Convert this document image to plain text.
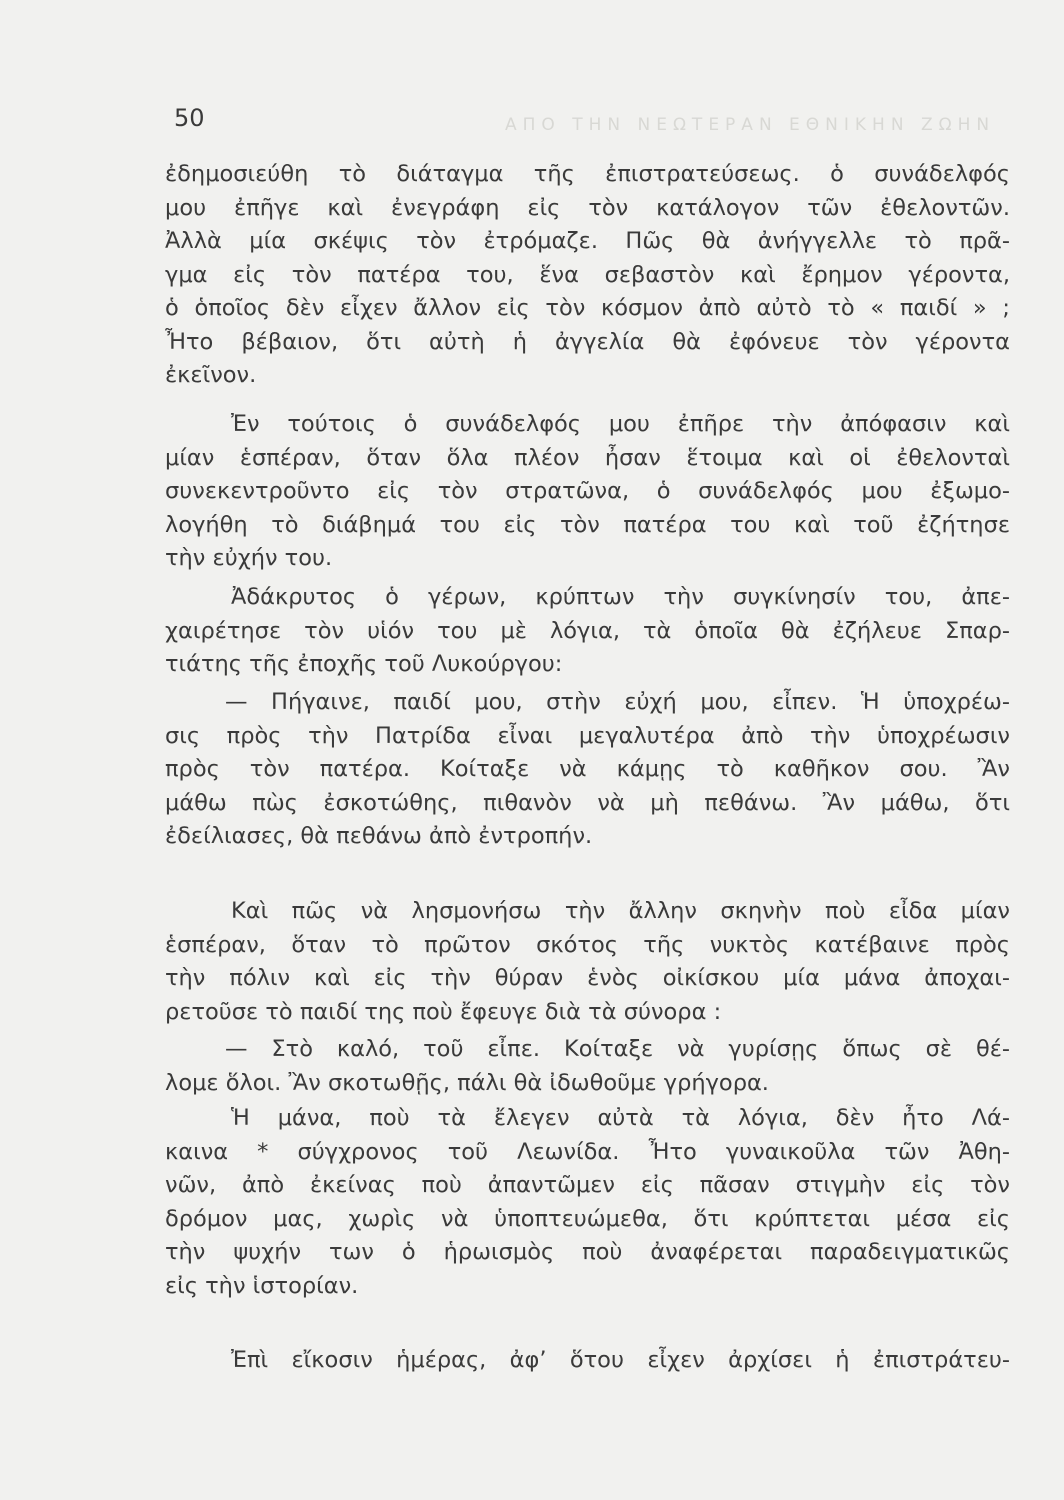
ΑΠΟ ΤΗΝ ΝΕΩΤΕΡΑΝ ΕΘΝΙΚΗΝ ΖΩΗΝ
50
ἐδημοσιεύθη τὸ διάταγμα τῆς ἐπιστρατεύσεως. ὁ συνάδελφός
μου ἐπῆγε καὶ ἐνεγράφη εἰς τὸν κατάλογον τῶν ἐθελοντῶν.
Ἀλλὰ μία σκέψις τὸν ἐτρόμαζε. Πῶς θὰ ἀνήγγελλε τὸ πρᾶ-
γμα εἰς τὸν πατέρα του, ἕνα σεβαστὸν καὶ ἔρημον γέροντα,
ὁ ὁποῖος δὲν εἶχεν ἄλλον εἰς τὸν κόσμον ἀπὸ αὐτὸ τὸ « παιδί » ;
Ἦτο βέβαιον, ὅτι αὐτὴ ἡ ἀγγελία θὰ ἐφόνευε τὸν γέροντα
ἐκεῖνον.
Ἐν τούτοις ὁ συνάδελφός μου ἐπῆρε τὴν ἀπόφασιν καὶ
μίαν ἑσπέραν, ὅταν ὅλα πλέον ἦσαν ἕτοιμα καὶ οἱ ἐθελονταὶ
συνεκεντροῦντο εἰς τὸν στρατῶνα, ὁ συνάδελφός μου ἐξωμο-
λογήθη τὸ διάβημά του εἰς τὸν πατέρα του καὶ τοῦ ἐζήτησε
τὴν εὐχήν του.
Ἀδάκρυτος ὁ γέρων, κρύπτων τὴν συγκίνησίν του, ἀπε-
χαιρέτησε τὸν υἱόν του μὲ λόγια, τὰ ὁποῖα θὰ ἐζήλευε Σπαρ-
τιάτης τῆς ἐποχῆς τοῦ Λυκούργου:
— Πήγαινε, παιδί μου, στὴν εὐχή μου, εἶπεν. Ἡ ὑποχρέω-
σις πρὸς τὴν Πατρίδα εἶναι μεγαλυτέρα ἀπὸ τὴν ὑποχρέωσιν
πρὸς τὸν πατέρα. Κοίταξε νὰ κάμῃς τὸ καθῆκον σου. Ἂν
μάθω πὼς ἐσκοτώθης, πιθανὸν νὰ μὴ πεθάνω. Ἂν μάθω, ὅτι
ἐδείλιασες, θὰ πεθάνω ἀπὸ ἐντροπήν.
Καὶ πῶς νὰ λησμονήσω τὴν ἄλλην σκηνὴν ποὺ εἶδα μίαν
ἑσπέραν, ὅταν τὸ πρῶτον σκότος τῆς νυκτὸς κατέβαινε πρὸς
τὴν πόλιν καὶ εἰς τὴν θύραν ἑνὸς οἰκίσκου μία μάνα ἀποχαι-
ρετοῦσε τὸ παιδί της ποὺ ἔφευγε διὰ τὰ σύνορα :
— Στὸ καλό, τοῦ εἶπε. Κοίταξε νὰ γυρίσῃς ὅπως σὲ θέ-
λομε ὅλοι. Ἂν σκοτωθῇς, πάλι θὰ ἰδωθοῦμε γρήγορα.
Ἡ μάνα, ποὺ τὰ ἔλεγεν αὐτὰ τὰ λόγια, δὲν ἦτο Λά-
καινα * σύγχρονος τοῦ Λεωνίδα. Ἦτο γυναικοῦλα τῶν Ἀθη-
νῶν, ἀπὸ ἐκείνας ποὺ ἀπαντῶμεν εἰς πᾶσαν στιγμὴν εἰς τὸν
δρόμον μας, χωρὶς νὰ ὑποπτευώμεθα, ὅτι κρύπτεται μέσα εἰς
τὴν ψυχήν των ὁ ἡρωισμὸς ποὺ ἀναφέρεται παραδειγματικῶς
εἰς τὴν ἱστορίαν.
Ἐπὶ εἴκοσιν ἡμέρας, ἀφ’ ὅτου εἶχεν ἀρχίσει ἡ ἐπιστράτευ-
